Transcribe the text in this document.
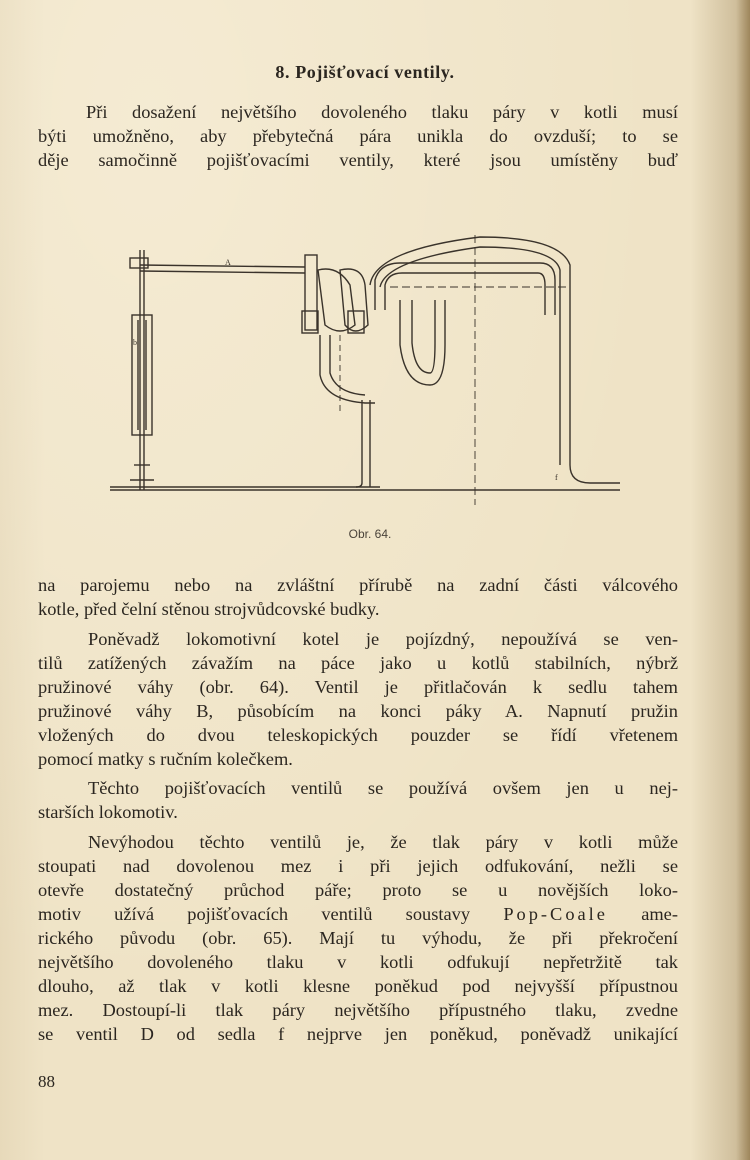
8. Pojišťovací ventily.
Při dosažení největšího dovoleného tlaku páry v kotli musí
býti umožněno, aby přebytečná pára unikla do ovzduší; to se
děje samočinně pojišťovacími ventily, které jsou umístěny buď
A
b
f
Obr. 64.
na parojemu nebo na zvláštní přírubě na zadní části válcového
kotle, před čelní stěnou strojvůdcovské budky.
Poněvadž lokomotivní kotel je pojízdný, nepoužívá se ven-
tilů zatížených závažím na páce jako u kotlů stabilních, nýbrž
pružinové váhy (obr. 64). Ventil je přitlačován k sedlu tahem
pružinové váhy B, působícím na konci páky A. Napnutí pružin
vložených do dvou teleskopických pouzder se řídí vřetenem
pomocí matky s ručním kolečkem.
Těchto pojišťovacích ventilů se používá ovšem jen u nej-
starších lokomotiv.
Nevýhodou těchto ventilů je, že tlak páry v kotli může
stoupati nad dovolenou mez i při jejich odfukování, nežli se
otevře dostatečný průchod páře; proto se u novějších loko-
motiv užívá pojišťovacích ventilů soustavy Pop-Coale ame-
rického původu (obr. 65). Mají tu výhodu, že při překročení
největšího dovoleného tlaku v kotli odfukují nepřetržitě tak
dlouho, až tlak v kotli klesne poněkud pod nejvyšší přípustnou
mez. Dostoupí-li tlak páry největšího přípustného tlaku, zvedne
se ventil D od sedla f nejprve jen poněkud, poněvadž unikající
88
